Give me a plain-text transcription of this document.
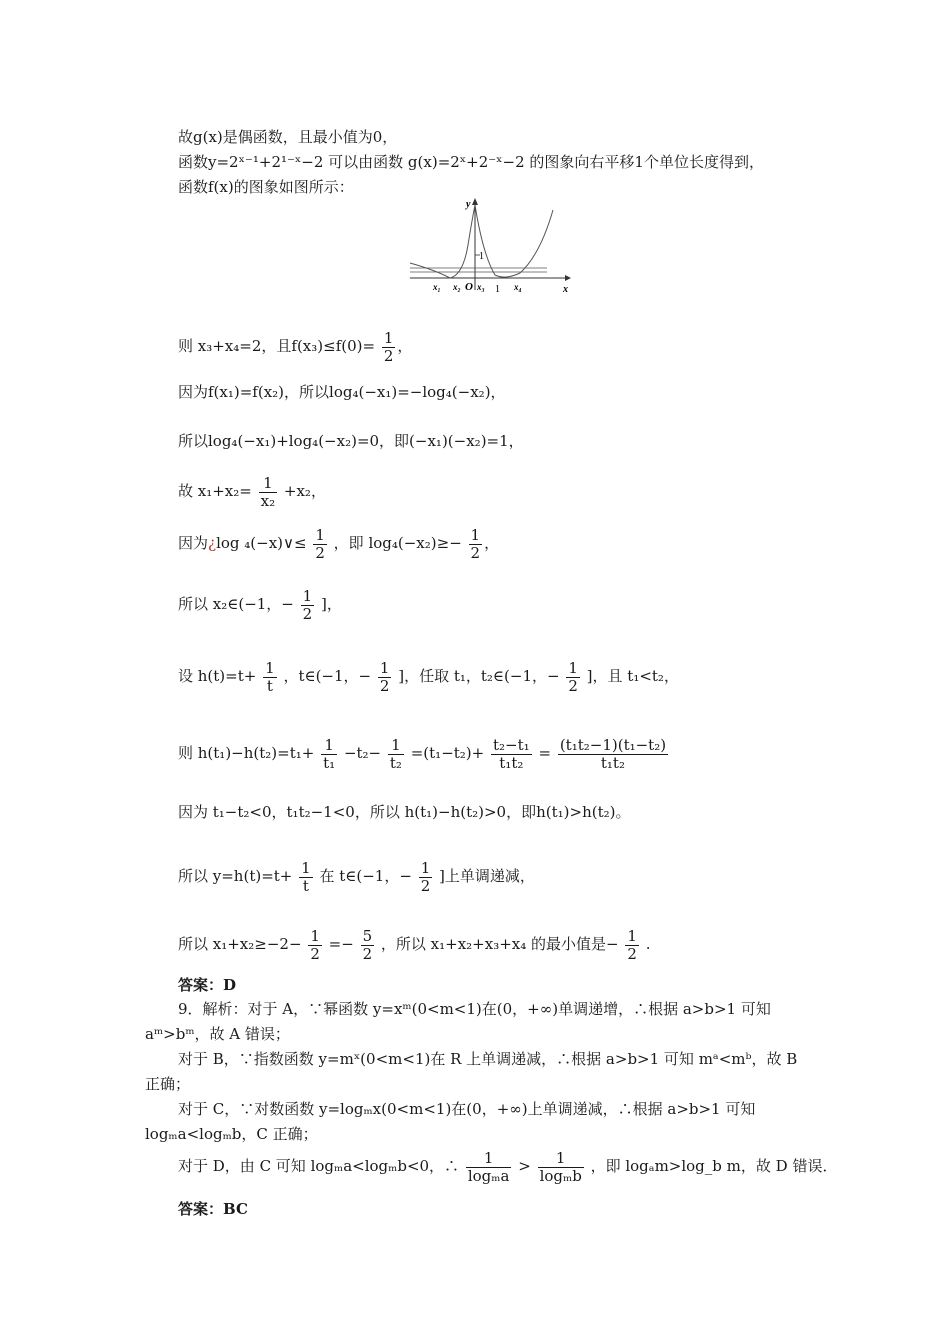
故g(x)是偶函数，且最小值为0，
函数y=2ˣ⁻¹+2¹⁻ˣ−2 可以由函数 g(x)=2ˣ+2⁻ˣ−2 的图象向右平移1个单位长度得到，
函数f(x)的图象如图所示：
y
x
1
x₁ x₂ O x₃ 1 x₄
则 x₃+x₄=2，且$f(x_3)\le f(0)= \frac{1}{2}$ ，
因为f(x₁)=f(x₂)，所以log₄(−x₁)=−log₄(−x₂)，
所以log₄(−x₁)+log₄(−x₂)=0，即(−x₁)(−x₂)=1，
故 $x_1+x_2= \frac{1}{\text{x₂}} +x_2$，
因为¿log ₄(−x)∨≤ $\frac{1}{2}$ ，即 $\log_4(-x_2)\ge- \frac{1}{2}$ ，
所以 x₂∈(−1，− $\frac{1}{2}$ ]，
设 $h(t)=t+ \frac{1}{t}$ ，t∈(−1，− $\frac{1}{2}$ ]，任取 t₁，t₂∈(−1，− $\frac{1}{2}$ ]，且 t₁<t₂，
则 $h(t_1)-h(t_2)=t_1+ \frac{1}{\text{t₁}} -t_2- \frac{1}{\text{t₂}} =(t_1-t_2)+ \frac{\text{t₂−t₁}}{\text{t₁t₂}} = \frac{\text{(t₁t₂−1)(t₁−t₂)}}{\text{t₁t₂}}$
因为 t₁−t₂<0，t₁t₂−1<0，所以 h(t₁)−h(t₂)>0，即h(t₁)>h(t₂)。
所以 $y=h(t)=t+ \frac{1}{t}$ 在 t∈(−1，− $\frac{1}{2}$ ]上单调递减，
所以 $x_1+x_2\ge-2- \frac{1}{2} =- \frac{5}{2}$ ，所以 x₁+x₂+x₃+x₄ 的最小值是− $\frac{1}{2}$ .
答案：D
9．解析：对于 A，∵幂函数 y=xᵐ(0<m<1)在(0，+∞)单调递增，∴根据 a>b>1 可知
aᵐ>bᵐ，故 A 错误；
对于 B，∵指数函数 y=mˣ(0<m<1)在 R 上单调递减，∴根据 a>b>1 可知 mᵃ<mᵇ，故 B
正确；
对于 C，∵对数函数 y=logₘx(0<m<1)在(0，+∞)上单调递减，∴根据 a>b>1 可知
logₘa<logₘb，C 正确；
对于 D，由 C 可知 logₘa<logₘb<0，∴ $\frac{1}{\text{logₘa}} > \frac{1}{\text{logₘb}}$ ，即 logₐm>log_b m，故 D 错误．
答案：BC
